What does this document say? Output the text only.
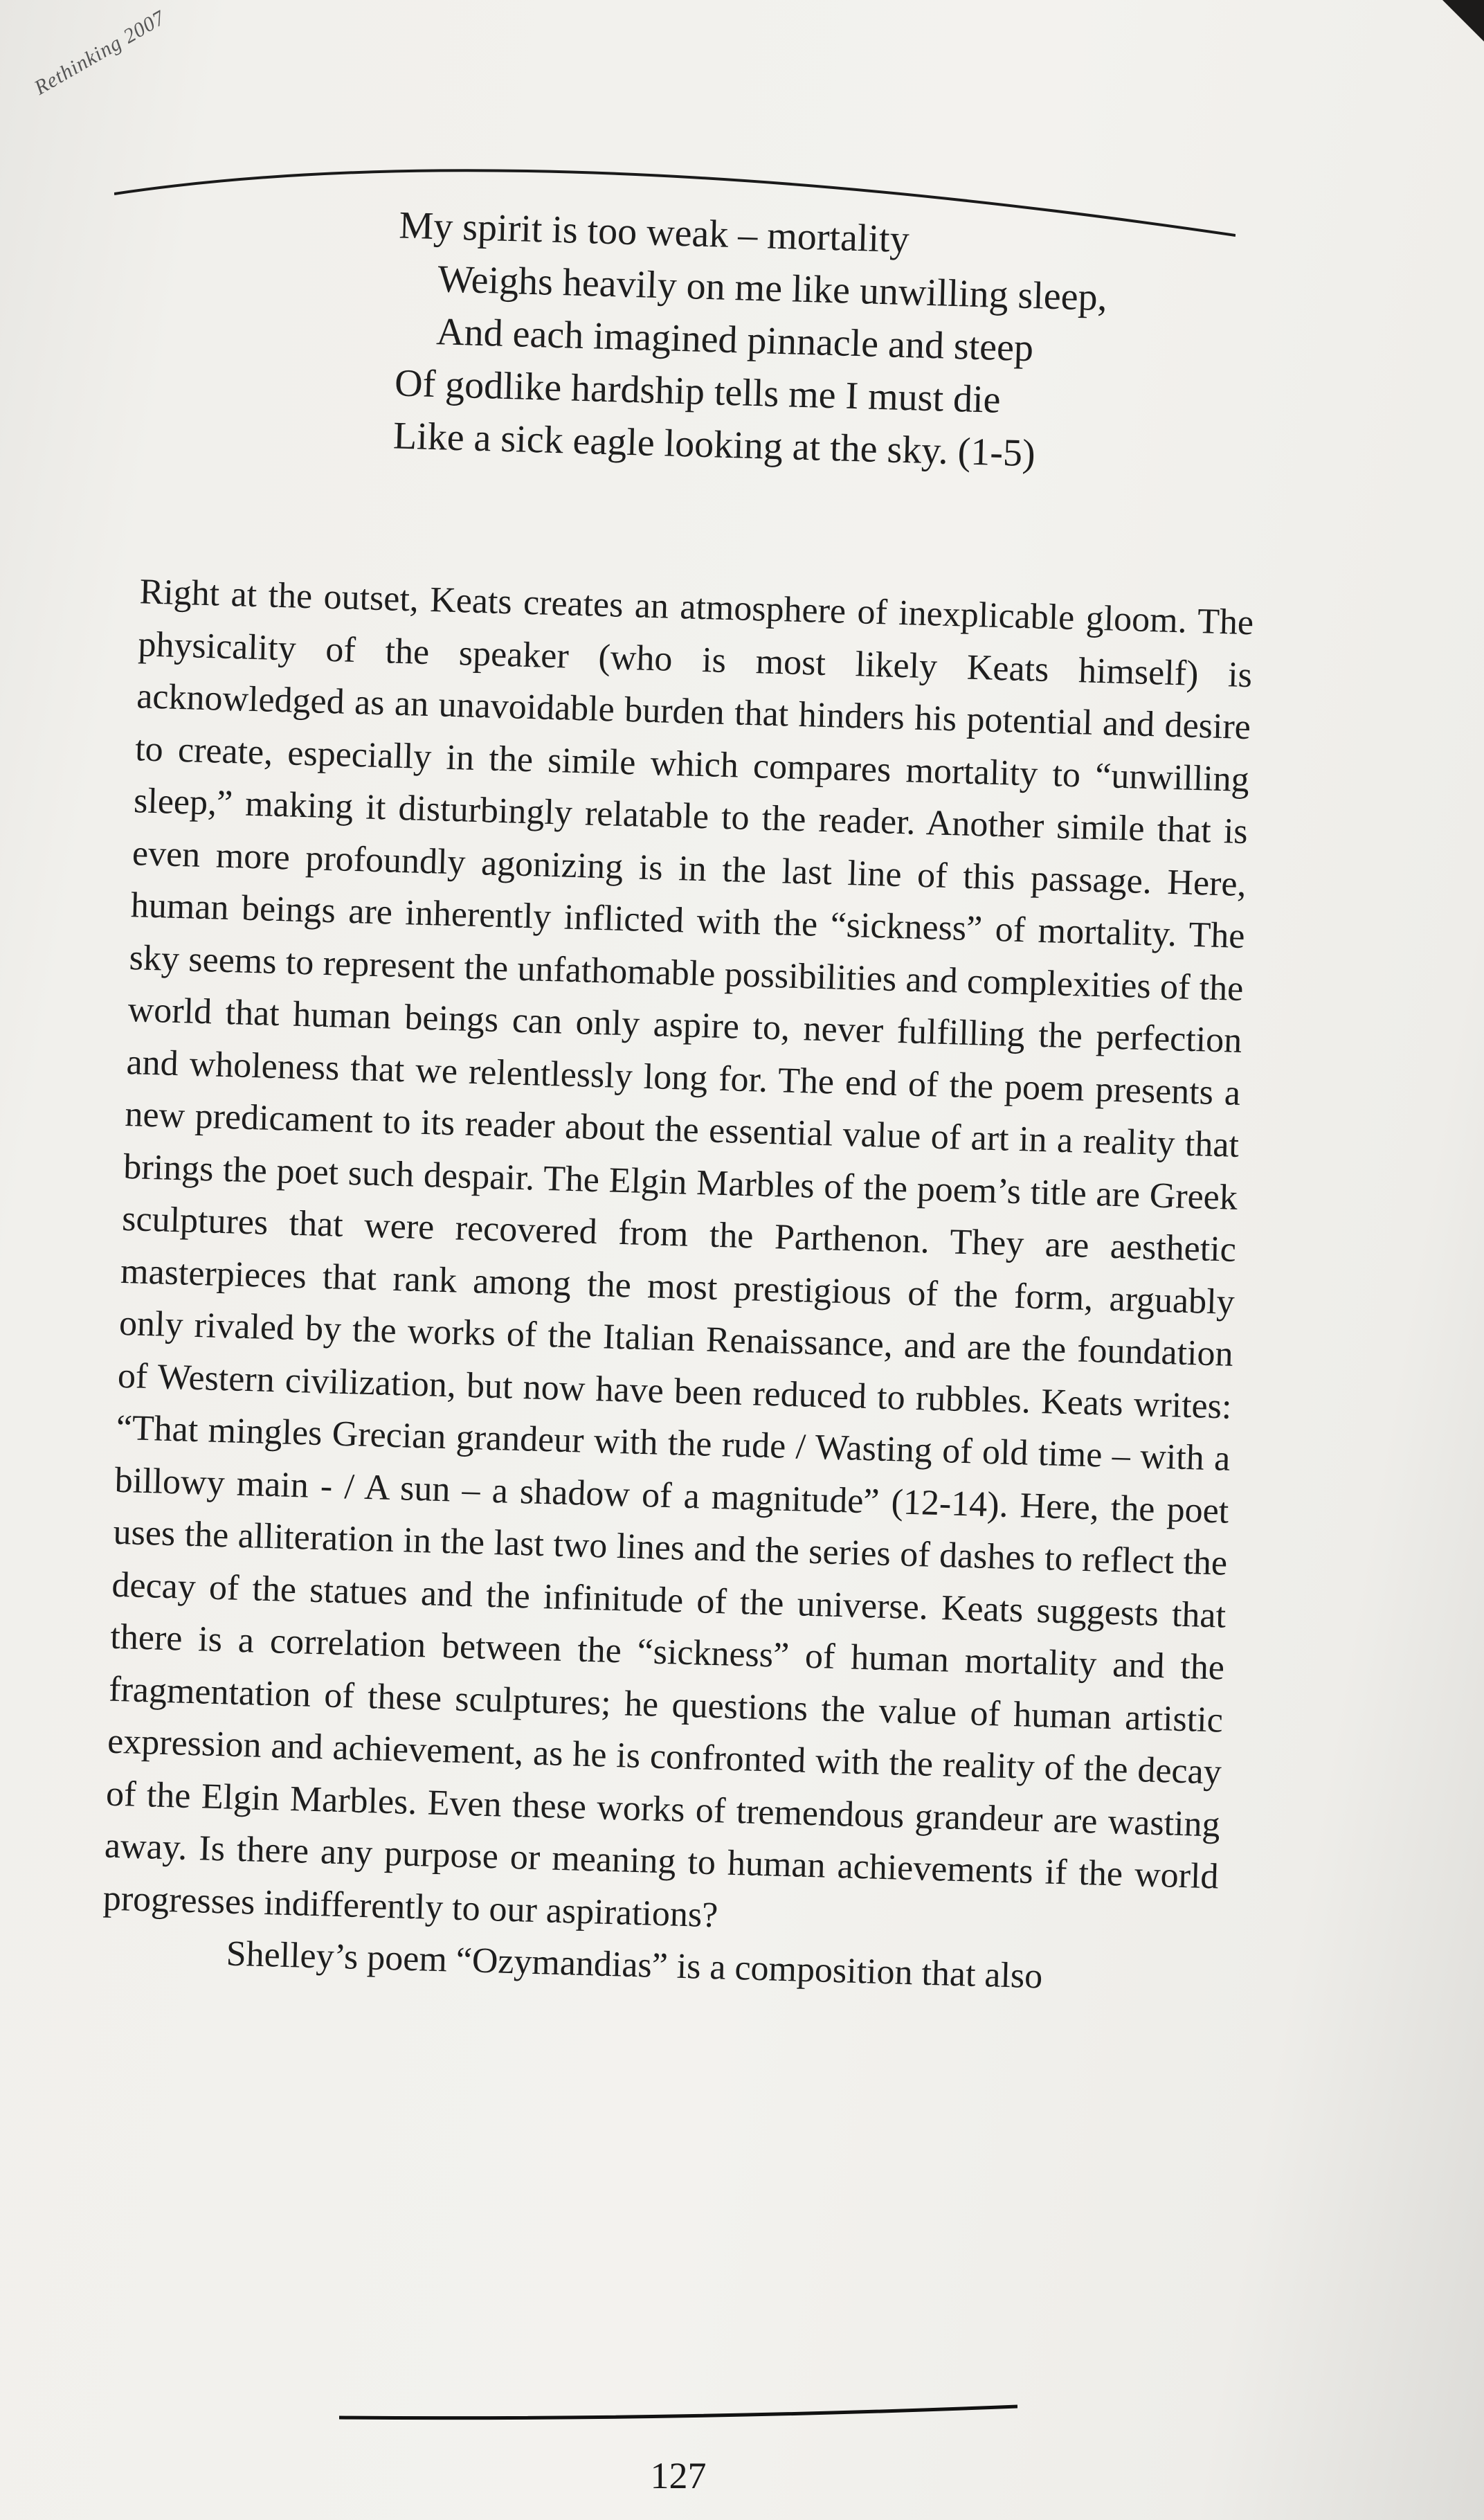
Rethinking 2007
My spirit is too weak – mortality
Weighs heavily on me like unwilling sleep,
And each imagined pinnacle and steep
Of godlike hardship tells me I must die
Like a sick eagle looking at the sky. (1-5)

Right at the outset, Keats creates an atmosphere of inexplicable gloom. The physicality of the speaker (who is most likely Keats himself) is acknowledged as an unavoidable burden that hinders his potential and desire to create, especially in the simile which compares mortality to “unwilling sleep,” making it disturbingly relatable to the reader. Another simile that is even more profoundly agonizing is in the last line of this passage. Here, human beings are inherently inflicted with the “sickness” of mortality. The sky seems to represent the unfathomable possibilities and complexities of the world that human beings can only aspire to, never fulfilling the perfection and wholeness that we relentlessly long for. The end of the poem presents a new predicament to its reader about the essential value of art in a reality that brings the poet such despair. The Elgin Marbles of the poem’s title are Greek sculptures that were recovered from the Parthenon. They are aesthetic masterpieces that rank among the most prestigious of the form, arguably only rivaled by the works of the Italian Renaissance, and are the foundation of Western civilization, but now have been reduced to rubbles. Keats writes: “That mingles Grecian grandeur with the rude / Wasting of old time – with a billowy main - / A sun – a shadow of a magnitude” (12-14). Here, the poet uses the alliteration in the last two lines and the series of dashes to reflect the decay of the statues and the infinitude of the universe. Keats suggests that there is a correlation between the “sickness” of human mortality and the fragmentation of these sculptures; he questions the value of human artistic expression and achievement, as he is confronted with the reality of the decay of the Elgin Marbles. Even these works of tremendous grandeur are wasting away. Is there any purpose or meaning to human achievements if the world progresses indifferently to our aspirations?

Shelley’s poem “Ozymandias” is a composition that also

127
